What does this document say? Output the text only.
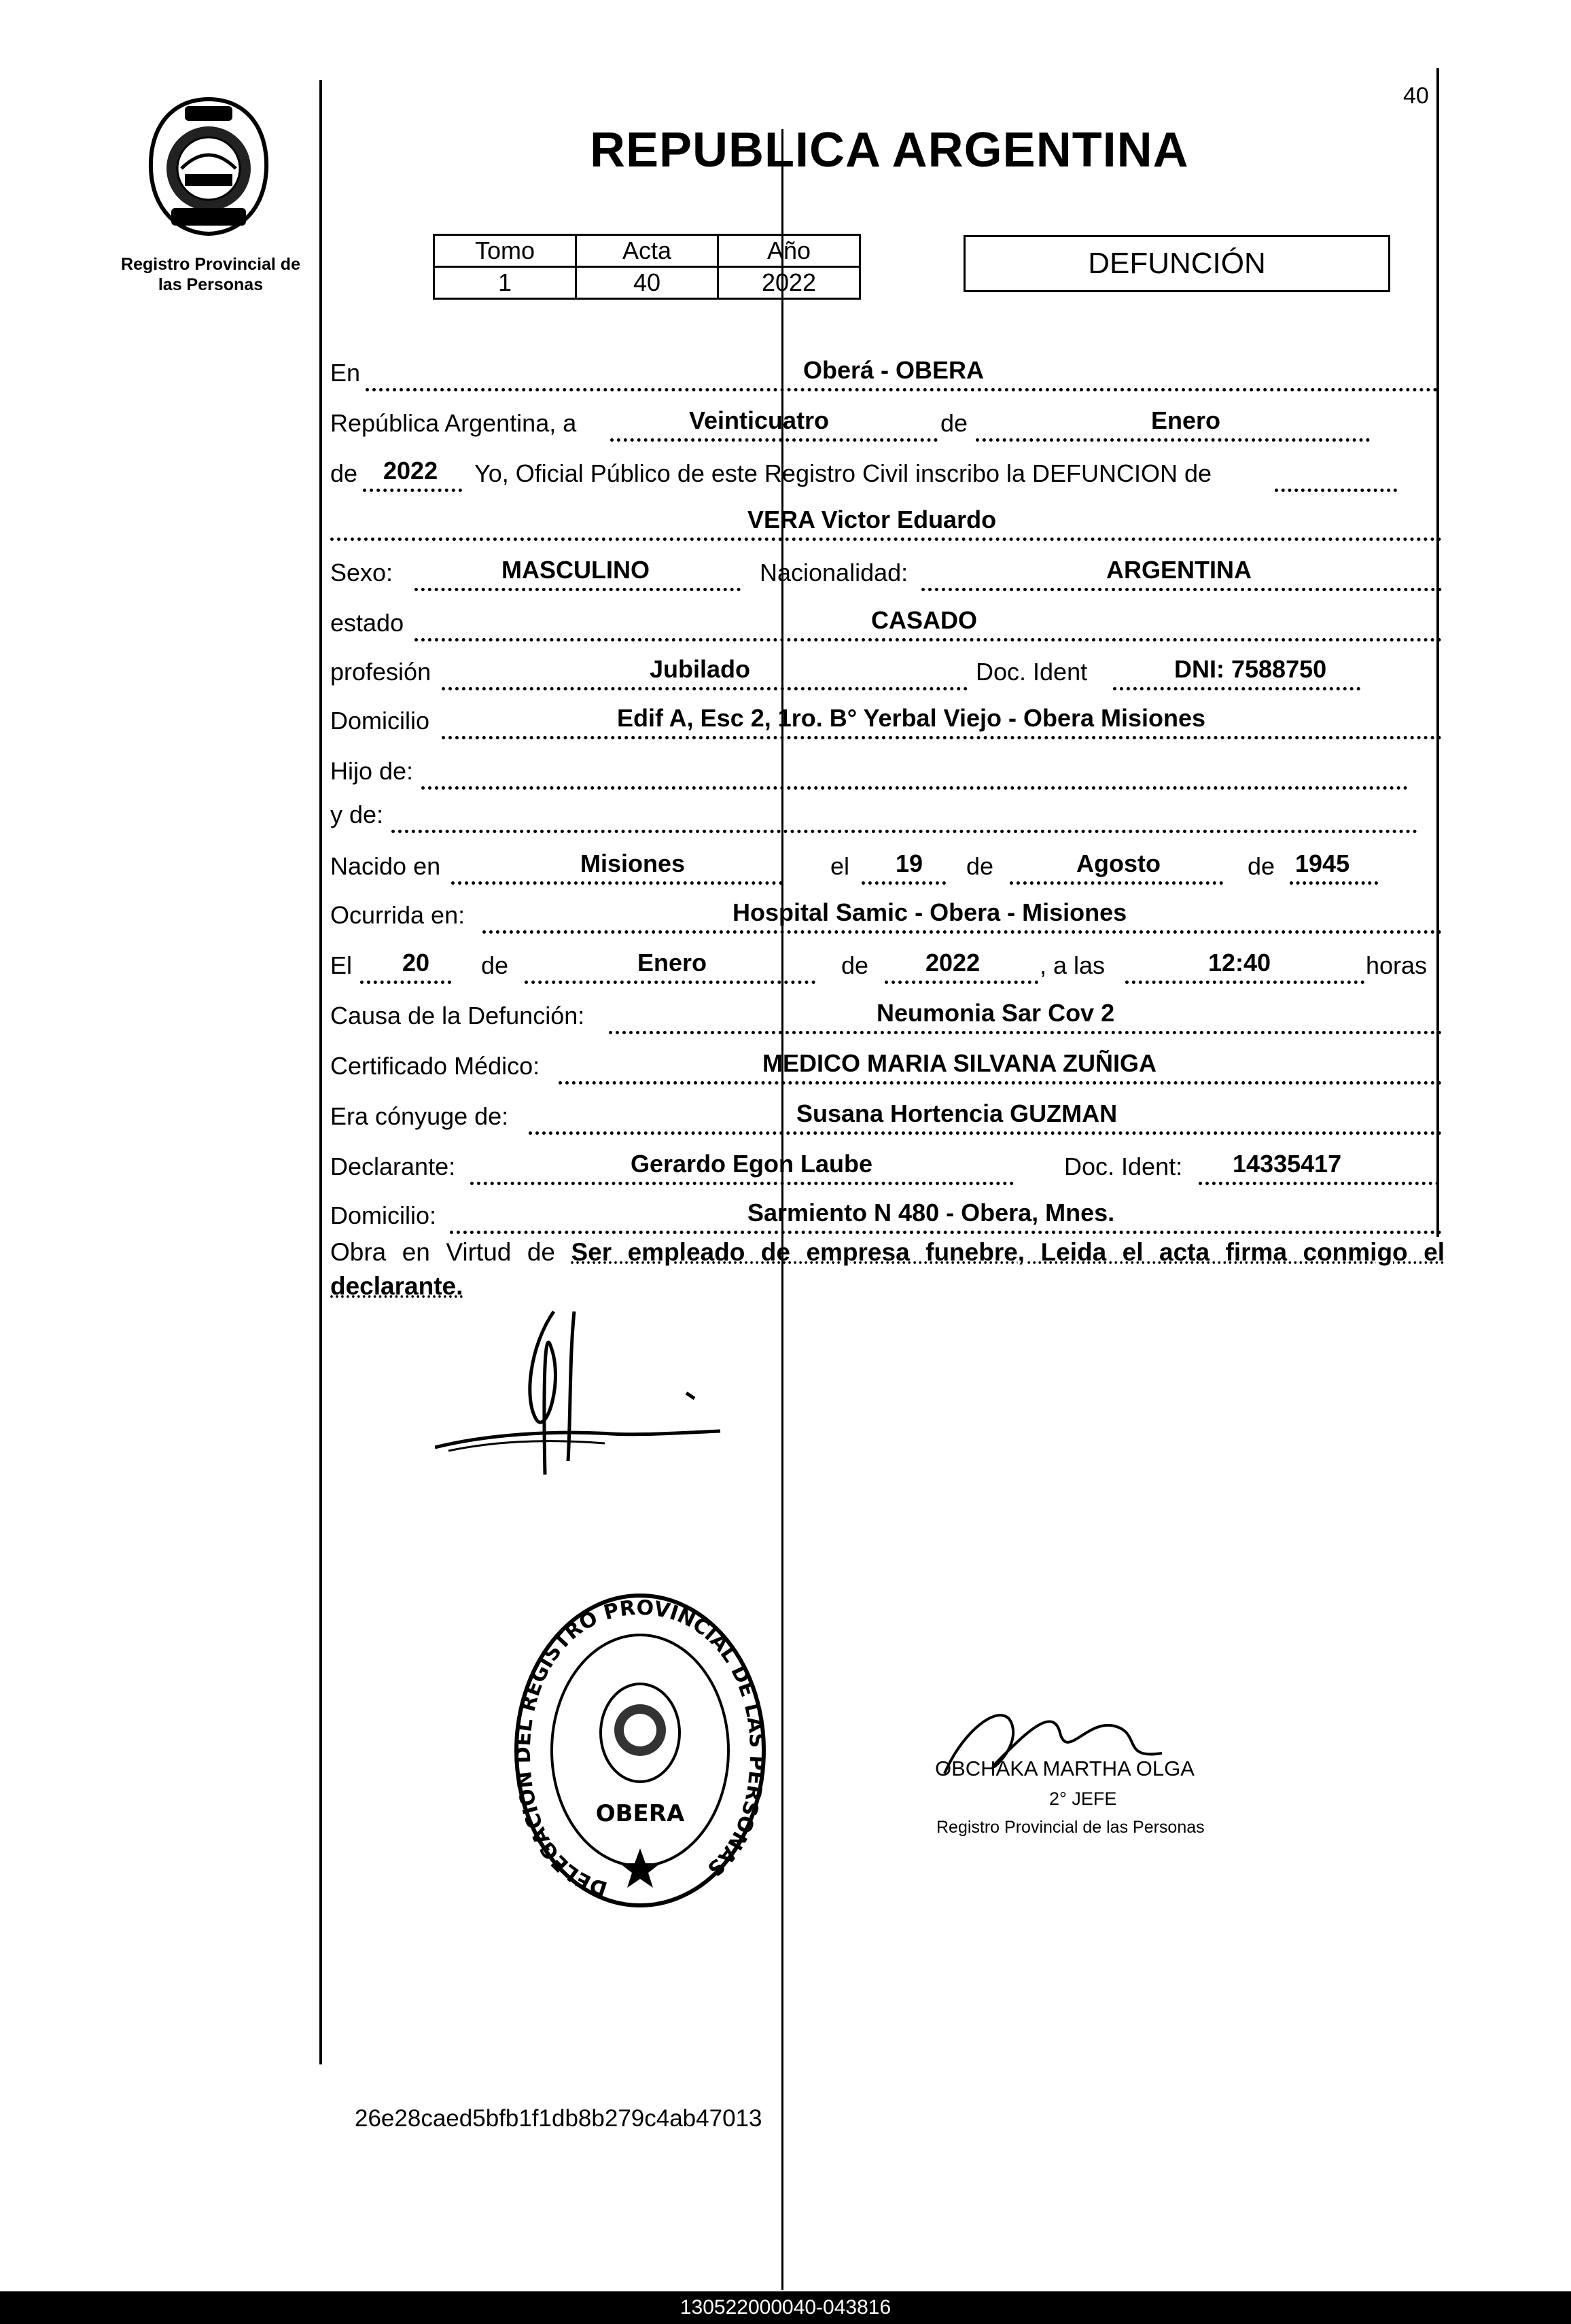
40
Registro Provincial de
las Personas
REPUBLICA ARGENTINA
Tomo	Acta	Año
1	40	2022
DEFUNCIÓN
En	Oberá - OBERA
República Argentina, a	Veinticuatro	de	Enero
de 2022 Yo, Oficial Público de este Registro Civil inscribo la DEFUNCION de
VERA Victor Eduardo
Sexo:	MASCULINO	Nacionalidad:	ARGENTINA
estado	CASADO
profesión	Jubilado	Doc. Ident	DNI: 7588750
Domicilio	Edif A, Esc 2, 1ro. B° Yerbal Viejo - Obera Misiones
Hijo de:
y de:
Nacido en	Misiones	el 19 de	Agosto	de 1945
Ocurrida en:	Hospital Samic - Obera - Misiones
El 20 de	Enero	de 2022 , a las	12:40	horas
Causa de la Defunción:	Neumonia Sar Cov 2
Certificado Médico:	MEDICO MARIA SILVANA ZUÑIGA
Era cónyuge de:	Susana Hortencia GUZMAN
Declarante:	Gerardo Egon Laube	Doc. Ident: 14335417
Domicilio:	Sarmiento N 480 - Obera, Mnes.
Obra en Virtud de Ser empleado de empresa funebre, Leida el acta firma conmigo el declarante.
DELEGACION DEL REGISTRO PROVINCIAL DE LAS PERSONAS
OBERA
OBCHAKA MARTHA OLGA
2° JEFE
Registro Provincial de las Personas
26e28caed5bfb1f1db8b279c4ab47013
130522000040-043816
